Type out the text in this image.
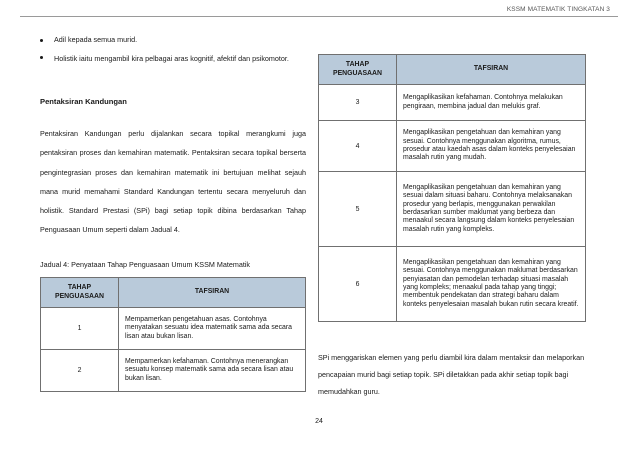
KSSM MATEMATIK TINGKATAN 3
Adil kepada semua murid.
Holistik iaitu mengambil kira pelbagai aras kognitif, afektif dan psikomotor.
Pentaksiran Kandungan
Pentaksiran Kandungan perlu dijalankan secara topikal merangkumi juga pentaksiran proses dan kemahiran matematik. Pentaksiran secara topikal berserta pengintegrasian proses dan kemahiran matematik ini bertujuan melihat sejauh mana murid memahami Standard Kandungan tertentu secara menyeluruh dan holistik. Standard Prestasi (SPi) bagi setiap topik dibina berdasarkan Tahap Penguasaan Umum seperti dalam Jadual 4.
Jadual 4: Penyataan Tahap Penguasaan Umum KSSM Matematik
TAHAP PENGUASAAN	TAFSIRAN
1	Mempamerkan pengetahuan asas. Contohnya menyatakan sesuatu idea matematik sama ada secara lisan atau bukan lisan.
2	Mempamerkan kefahaman. Contohnya menerangkan sesuatu konsep matematik sama ada secara lisan atau bukan lisan.
TAHAP PENGUASAAN	TAFSIRAN
3	Mengaplikasikan kefahaman. Contohnya melakukan pengiraan, membina jadual dan melukis graf.
4	Mengaplikasikan pengetahuan dan kemahiran yang sesuai. Contohnya menggunakan algoritma, rumus, prosedur atau kaedah asas dalam konteks penyelesaian masalah rutin yang mudah.
5	Mengaplikasikan pengetahuan dan kemahiran yang sesuai dalam situasi baharu. Contohnya melaksanakan prosedur yang berlapis, menggunakan perwakilan berdasarkan sumber maklumat yang berbeza dan menaakul secara langsung dalam konteks penyelesaian masalah rutin yang kompleks.
6	Mengaplikasikan pengetahuan dan kemahiran yang sesuai. Contohnya menggunakan maklumat berdasarkan penyiasatan dan pemodelan terhadap situasi masalah yang kompleks; menaakul pada tahap yang tinggi; membentuk pendekatan dan strategi baharu dalam konteks penyelesaian masalah bukan rutin secara kreatif.
SPi menggariskan elemen yang perlu diambil kira dalam mentaksir dan melaporkan pencapaian murid bagi setiap topik. SPi diletakkan pada akhir setiap topik bagi memudahkan guru.
24
